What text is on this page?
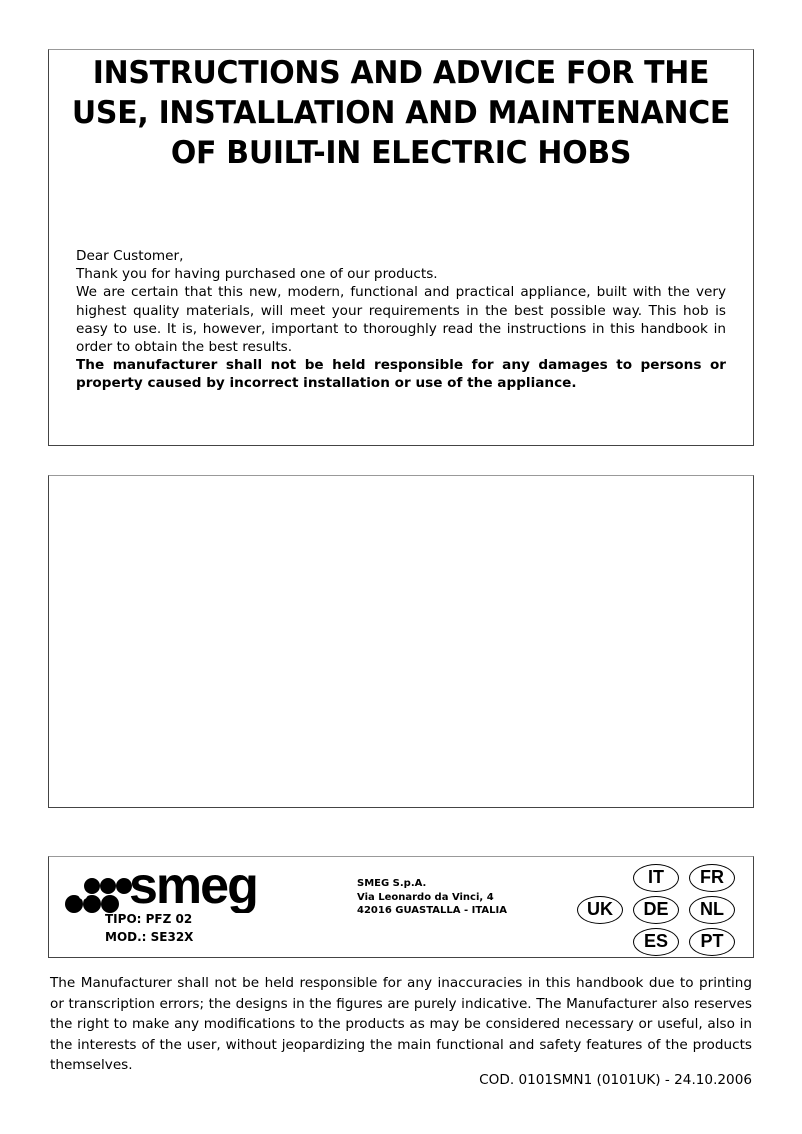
INSTRUCTIONS AND ADVICE FOR THE
USE, INSTALLATION AND MAINTENANCE
OF BUILT-IN ELECTRIC HOBS

Dear Customer,

Thank you for having purchased one of our products.

We are certain that this new, modern, functional and practical appliance, built with the very highest quality materials, will meet your requirements in the best possible way. This hob is easy to use. It is, however, important to thoroughly read the instructions in this handbook in order to obtain the best results.

The manufacturer shall not be held responsible for any damages to persons or property caused by incorrect installation or use of the appliance.

smeg
TIPO: PFZ 02
MOD.: SE32X
SMEG S.p.A.
Via Leonardo da Vinci, 4
42016 GUASTALLA - ITALIA
IT	FR
UK	DE	NL
ES	PT
The Manufacturer shall not be held responsible for any inaccuracies in this handbook due to printing or transcription errors; the designs in the figures are purely indicative. The Manufacturer also reserves the right to make any modifications to the products as may be considered necessary or useful, also in the interests of the user, without jeopardizing the main functional and safety features of the products themselves.
COD. 0101SMN1 (0101UK) - 24.10.2006
